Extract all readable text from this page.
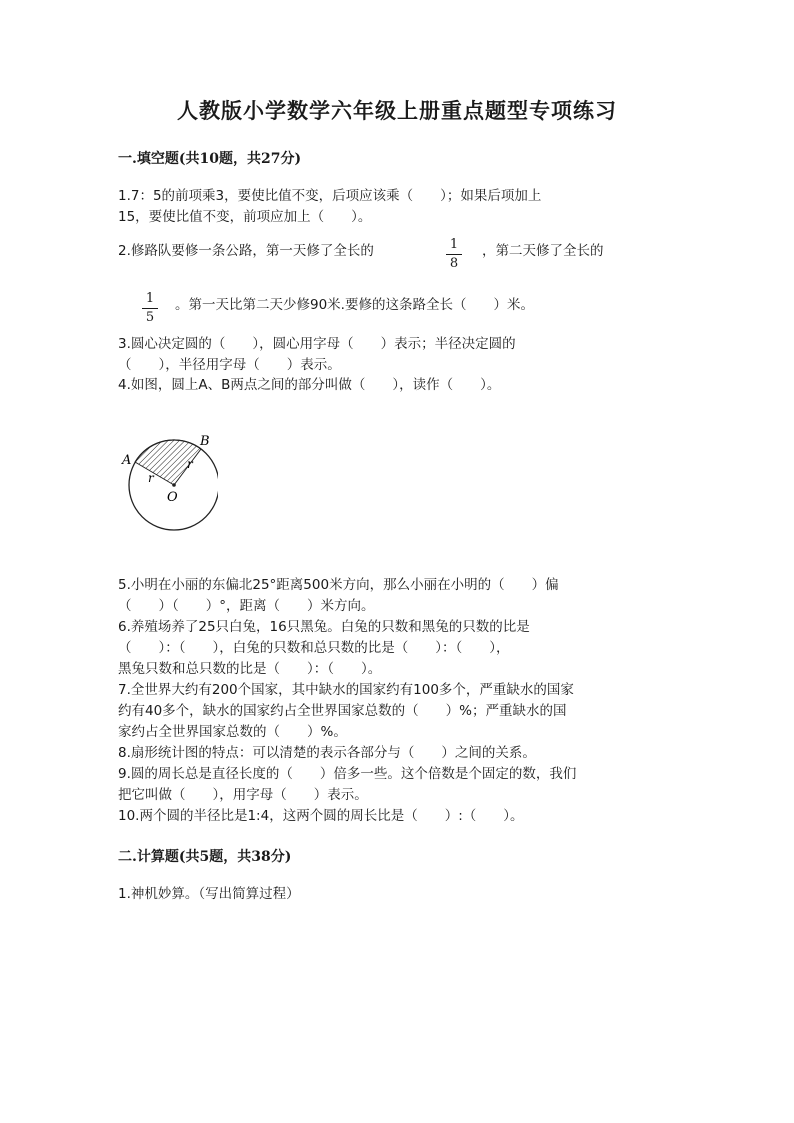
人教版小学数学六年级上册重点题型专项练习
一.填空题(共10题，共27分)
1.7：5的前项乘3，要使比值不变，后项应该乘（　　）；如果后项加上
15，要使比值不变，前项应加上（　　）。
2.修路队要修一条公路，第一天修了全长的	1
8
，第二天修了全长的
1
5
。第一天比第二天少修90米.要修的这条路全长（　　）米。
3.圆心决定圆的（　　），圆心用字母（　　）表示；半径决定圆的
（　　），半径用字母（　　）表示。
4.如图，圆上A、B两点之间的部分叫做（　　），读作（　　）。
A
B
O
r
r
5.小明在小丽的东偏北25°距离500米方向，那么小丽在小明的（　　）偏
（　　）（　　）°，距离（　　）米方向。
6.养殖场养了25只白兔，16只黑兔。白兔的只数和黑兔的只数的比是
（　　）：（　　），白兔的只数和总只数的比是（　　）：（　　），
黑兔只数和总只数的比是（　　）：（　　）。
7.全世界大约有200个国家，其中缺水的国家约有100多个，严重缺水的国家
约有40多个，缺水的国家约占全世界国家总数的（　　）%；严重缺水的国
家约占全世界国家总数的（　　）%。
8.扇形统计图的特点：可以清楚的表示各部分与（　　）之间的关系。
9.圆的周长总是直径长度的（　　）倍多一些。这个倍数是个固定的数，我们
把它叫做（　　），用字母（　　）表示。
10.两个圆的半径比是1:4，这两个圆的周长比是（　　）:（　　）。
二.计算题(共5题，共38分)
1.神机妙算。（写出简算过程）
